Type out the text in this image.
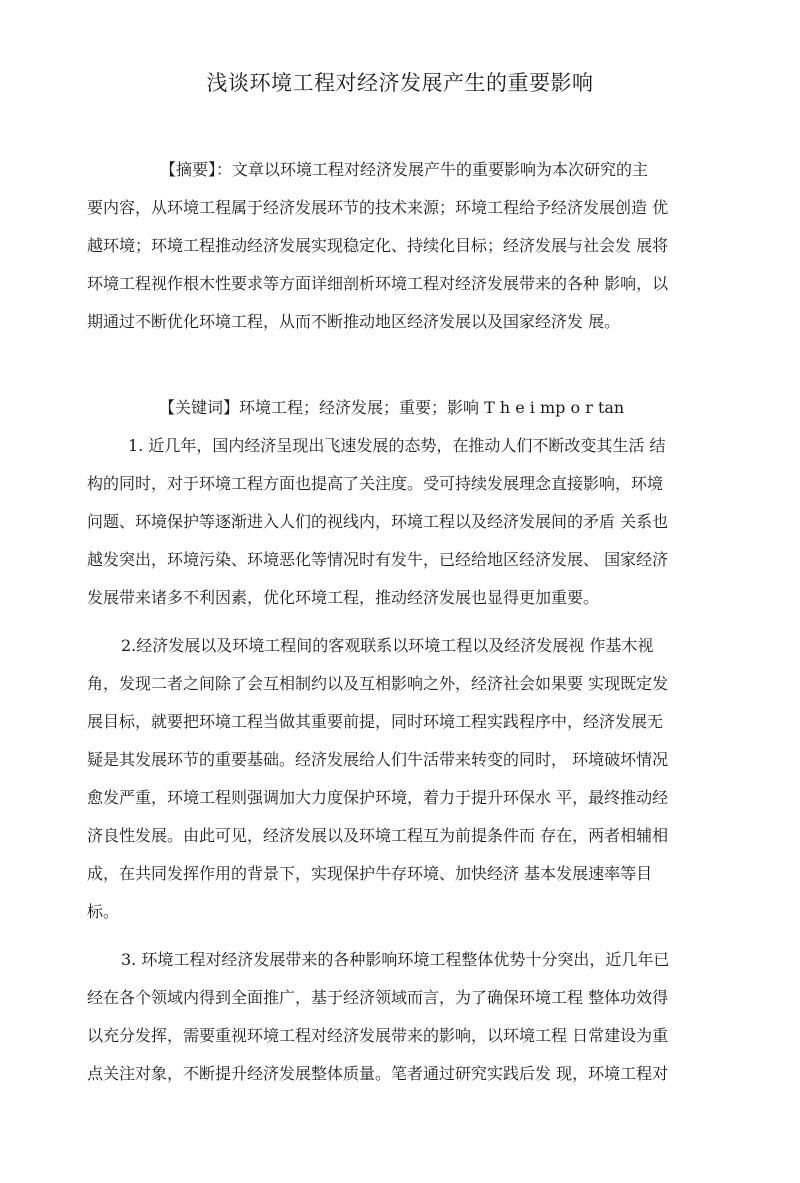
浅谈环境工程对经济发展产生的重要影响
【摘要】：文章以环境工程对经济发展产牛的重要影响为本次研究的主
要内容，从环境工程属于经济发展环节的技术来源；环境工程给予经济发展创造 优
越环境；环境工程推动经济发展实现稳定化、持续化目标；经济发展与社会发 展将
环境工程视作根木性要求等方面详细剖析环境工程对经济发展带来的各种 影响，以
期通过不断优化环境工程，从而不断推动地区经济发展以及国家经济发 展。
【关键词】环境工程；经济发展；重要；影响 T h e i mp o r tan
1. 近几年，国内经济呈现出飞速发展的态势，在推动人们不断改变其生活 结
构的同时，对于环境工程方面也提高了关注度。受可持续发展理念直接影响，环境
问题、环境保护等逐渐进入人们的视线内，环境工程以及经济发展间的矛盾 关系也
越发突出，环境污染、环境恶化等情况时有发牛，已经给地区经济发展、 国家经济
发展带来诸多不利因素，优化环境工程，推动经济发展也显得更加重要。
2.经济发展以及环境工程间的客观联系以环境工程以及经济发展视 作基木视
角，发现二者之间除了会互相制约以及互相影响之外，经济社会如果要 实现既定发
展目标，就要把环境工程当做其重要前提，同时环境工程实践程序中，经济发展无
疑是其发展环节的重要基础。经济发展给人们牛活带来转变的同时， 环境破坏情况
愈发严重，环境工程则强调加大力度保护环境，着力于提升环保水 平，最终推动经
济良性发展。由此可见，经济发展以及环境工程互为前提条件而 存在，两者相辅相
成，在共同发挥作用的背景下，实现保护牛存环境、加快经济 基本发展速率等目
标。
3. 环境工程对经济发展带来的各种影响环境工程整体优势十分突出，近几年已
经在各个领域内得到全面推广，基于经济领域而言，为了确保环境工程 整体功效得
以充分发挥，需要重视环境工程对经济发展带来的影响，以环境工程 日常建设为重
点关注对象，不断提升经济发展整体质量。笔者通过研究实践后发 现，环境工程对
